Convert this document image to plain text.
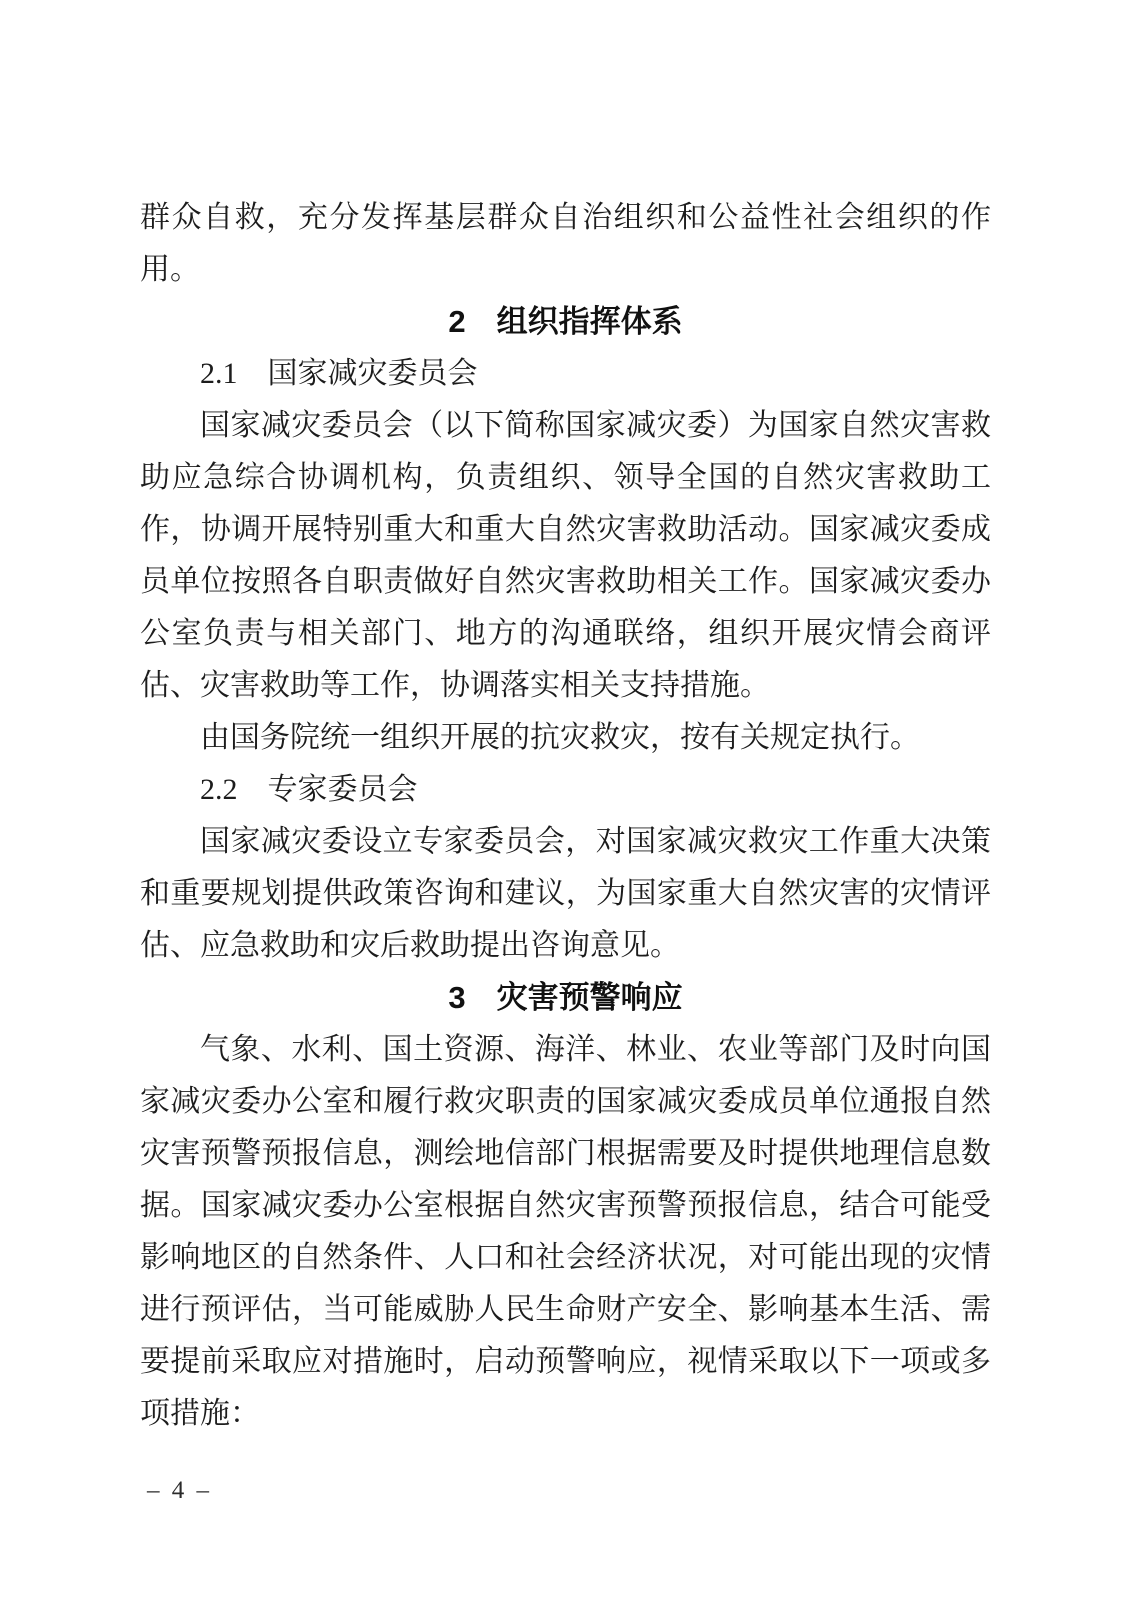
群众自救，充分发挥基层群众自治组织和公益性社会组织的作用。

2　组织指挥体系
2.1　国家减灾委员会

国家减灾委员会（以下简称国家减灾委）为国家自然灾害救助应急综合协调机构，负责组织、领导全国的自然灾害救助工作，协调开展特别重大和重大自然灾害救助活动。国家减灾委成员单位按照各自职责做好自然灾害救助相关工作。国家减灾委办公室负责与相关部门、地方的沟通联络，组织开展灾情会商评估、灾害救助等工作，协调落实相关支持措施。

由国务院统一组织开展的抗灾救灾，按有关规定执行。

2.2　专家委员会

国家减灾委设立专家委员会，对国家减灾救灾工作重大决策和重要规划提供政策咨询和建议，为国家重大自然灾害的灾情评估、应急救助和灾后救助提出咨询意见。

3　灾害预警响应

气象、水利、国土资源、海洋、林业、农业等部门及时向国家减灾委办公室和履行救灾职责的国家减灾委成员单位通报自然灾害预警预报信息，测绘地信部门根据需要及时提供地理信息数据。国家减灾委办公室根据自然灾害预警预报信息，结合可能受影响地区的自然条件、人口和社会经济状况，对可能出现的灾情进行预评估，当可能威胁人民生命财产安全、影响基本生活、需要提前采取应对措施时，启动预警响应，视情采取以下一项或多项措施：

– 4 –
